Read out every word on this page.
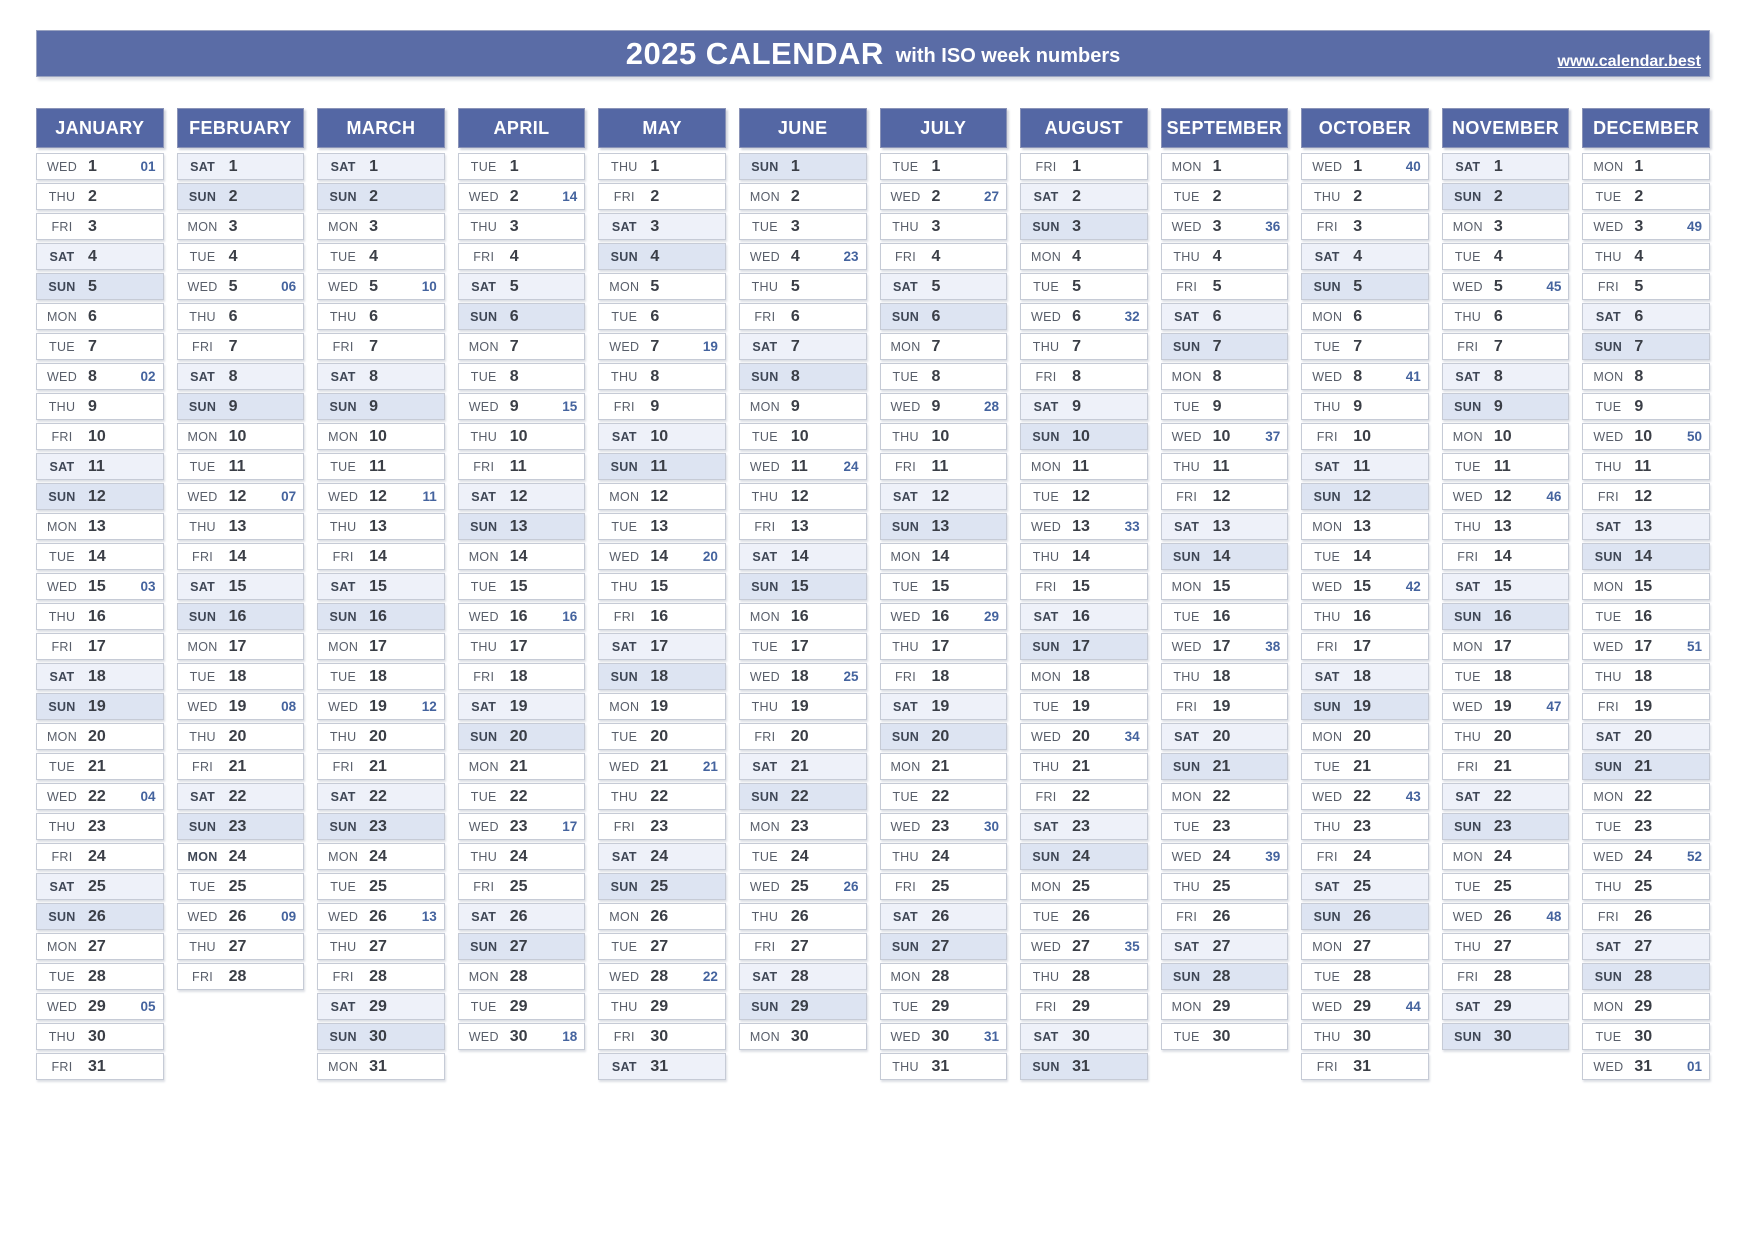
2025 CALENDAR with ISO week numbers	www.calendar.best
JANUARY
WED 1	01
THU 2
FRI 3
SAT 4
SUN 5
MON 6
TUE 7
WED 8	02
THU 9
FRI 10
SAT 11
SUN 12
MON 13
TUE 14
WED 15	03
THU 16
FRI 17
SAT 18
SUN 19
MON 20
TUE 21
WED 22	04
THU 23
FRI 24
SAT 25
SUN 26
MON 27
TUE 28
WED 29	05
THU 30
FRI 31
FEBRUARY
SAT 1
SUN 2
MON 3
TUE 4
WED 5	06
THU 6
FRI 7
SAT 8
SUN 9
MON 10
TUE 11
WED 12	07
THU 13
FRI 14
SAT 15
SUN 16
MON 17
TUE 18
WED 19	08
THU 20
FRI 21
SAT 22
SUN 23
MON 24
TUE 25
WED 26	09
THU 27
FRI 28
MARCH
SAT 1
SUN 2
MON 3
TUE 4
WED 5	10
THU 6
FRI 7
SAT 8
SUN 9
MON 10
TUE 11
WED 12	11
THU 13
FRI 14
SAT 15
SUN 16
MON 17
TUE 18
WED 19	12
THU 20
FRI 21
SAT 22
SUN 23
MON 24
TUE 25
WED 26	13
THU 27
FRI 28
SAT 29
SUN 30
MON 31
APRIL
TUE 1
WED 2	14
THU 3
FRI 4
SAT 5
SUN 6
MON 7
TUE 8
WED 9	15
THU 10
FRI 11
SAT 12
SUN 13
MON 14
TUE 15
WED 16	16
THU 17
FRI 18
SAT 19
SUN 20
MON 21
TUE 22
WED 23	17
THU 24
FRI 25
SAT 26
SUN 27
MON 28
TUE 29
WED 30	18
MAY
THU 1
FRI 2
SAT 3
SUN 4
MON 5
TUE 6
WED 7	19
THU 8
FRI 9
SAT 10
SUN 11
MON 12
TUE 13
WED 14	20
THU 15
FRI 16
SAT 17
SUN 18
MON 19
TUE 20
WED 21	21
THU 22
FRI 23
SAT 24
SUN 25
MON 26
TUE 27
WED 28	22
THU 29
FRI 30
SAT 31
JUNE
SUN 1
MON 2
TUE 3
WED 4	23
THU 5
FRI 6
SAT 7
SUN 8
MON 9
TUE 10
WED 11	24
THU 12
FRI 13
SAT 14
SUN 15
MON 16
TUE 17
WED 18	25
THU 19
FRI 20
SAT 21
SUN 22
MON 23
TUE 24
WED 25	26
THU 26
FRI 27
SAT 28
SUN 29
MON 30
JULY
TUE 1
WED 2	27
THU 3
FRI 4
SAT 5
SUN 6
MON 7
TUE 8
WED 9	28
THU 10
FRI 11
SAT 12
SUN 13
MON 14
TUE 15
WED 16	29
THU 17
FRI 18
SAT 19
SUN 20
MON 21
TUE 22
WED 23	30
THU 24
FRI 25
SAT 26
SUN 27
MON 28
TUE 29
WED 30	31
THU 31
AUGUST
FRI 1
SAT 2
SUN 3
MON 4
TUE 5
WED 6	32
THU 7
FRI 8
SAT 9
SUN 10
MON 11
TUE 12
WED 13	33
THU 14
FRI 15
SAT 16
SUN 17
MON 18
TUE 19
WED 20	34
THU 21
FRI 22
SAT 23
SUN 24
MON 25
TUE 26
WED 27	35
THU 28
FRI 29
SAT 30
SUN 31
SEPTEMBER
MON 1
TUE 2
WED 3	36
THU 4
FRI 5
SAT 6
SUN 7
MON 8
TUE 9
WED 10	37
THU 11
FRI 12
SAT 13
SUN 14
MON 15
TUE 16
WED 17	38
THU 18
FRI 19
SAT 20
SUN 21
MON 22
TUE 23
WED 24	39
THU 25
FRI 26
SAT 27
SUN 28
MON 29
TUE 30
OCTOBER
WED 1	40
THU 2
FRI 3
SAT 4
SUN 5
MON 6
TUE 7
WED 8	41
THU 9
FRI 10
SAT 11
SUN 12
MON 13
TUE 14
WED 15	42
THU 16
FRI 17
SAT 18
SUN 19
MON 20
TUE 21
WED 22	43
THU 23
FRI 24
SAT 25
SUN 26
MON 27
TUE 28
WED 29	44
THU 30
FRI 31
NOVEMBER
SAT 1
SUN 2
MON 3
TUE 4
WED 5	45
THU 6
FRI 7
SAT 8
SUN 9
MON 10
TUE 11
WED 12	46
THU 13
FRI 14
SAT 15
SUN 16
MON 17
TUE 18
WED 19	47
THU 20
FRI 21
SAT 22
SUN 23
MON 24
TUE 25
WED 26	48
THU 27
FRI 28
SAT 29
SUN 30
DECEMBER
MON 1
TUE 2
WED 3	49
THU 4
FRI 5
SAT 6
SUN 7
MON 8
TUE 9
WED 10	50
THU 11
FRI 12
SAT 13
SUN 14
MON 15
TUE 16
WED 17	51
THU 18
FRI 19
SAT 20
SUN 21
MON 22
TUE 23
WED 24	52
THU 25
FRI 26
SAT 27
SUN 28
MON 29
TUE 30
WED 31	01
